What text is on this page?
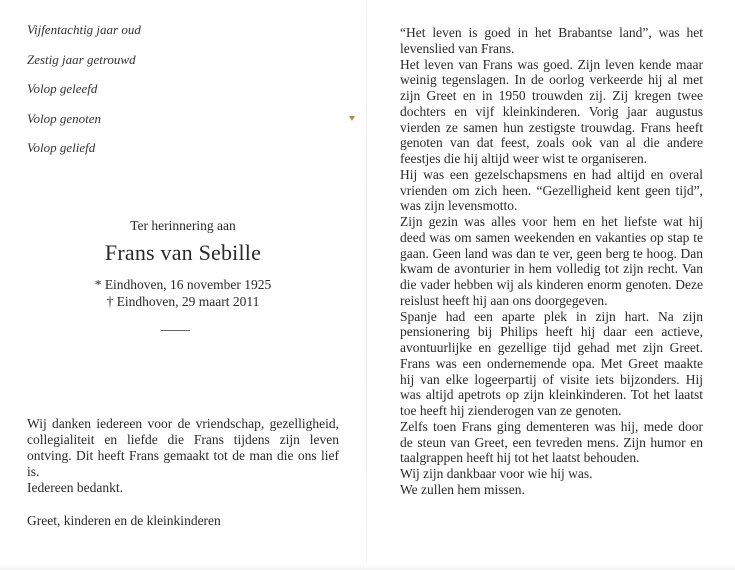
Vijfentachtig jaar oud
Zestig jaar getrouwd
Volop geleefd
Volop genoten
Volop geliefd
Ter herinnering aan
Frans van Sebille
* Eindhoven, 16 november 1925
† Eindhoven, 29 maart 2011

Wij danken iedereen voor de vriendschap, gezelligheid, collegialiteit en liefde die Frans tijdens zijn leven ontving. Dit heeft Frans gemaakt tot de man die ons lief is.

Iedereen bedankt.

Greet, kinderen en de kleinkinderen

“Het leven is goed in het Brabantse land”, was het levenslied van Frans.

Het leven van Frans was goed. Zijn leven kende maar weinig tegenslagen. In de oorlog verkeerde hij al met zijn Greet en in 1950 trouwden zij. Zij kregen twee dochters en vijf kleinkinderen. Vorig jaar augustus vierden ze samen hun zestigste trouwdag. Frans heeft genoten van dat feest, zoals ook van al die andere feestjes die hij altijd weer wist te organiseren.

Hij was een gezelschapsmens en had altijd en overal vrienden om zich heen. “Gezelligheid kent geen tijd”, was zijn levensmotto.

Zijn gezin was alles voor hem en het liefste wat hij deed was om samen weekenden en vakanties op stap te gaan. Geen land was dan te ver, geen berg te hoog. Dan kwam de avonturier in hem volledig tot zijn recht. Van die vader hebben wij als kinderen enorm genoten. Deze reislust heeft hij aan ons doorgegeven.

Spanje had een aparte plek in zijn hart. Na zijn pensionering bij Philips heeft hij daar een actieve, avontuurlijke en gezellige tijd gehad met zijn Greet. Frans was een ondernemende opa. Met Greet maakte hij van elke logeerpartij of visite iets bijzonders. Hij was altijd apetrots op zijn kleinkinderen. Tot het laatst toe heeft hij zienderogen van ze genoten.

Zelfs toen Frans ging dementeren was hij, mede door de steun van Greet, een tevreden mens. Zijn humor en taalgrappen heeft hij tot het laatst behouden.

Wij zijn dankbaar voor wie hij was.

We zullen hem missen.
